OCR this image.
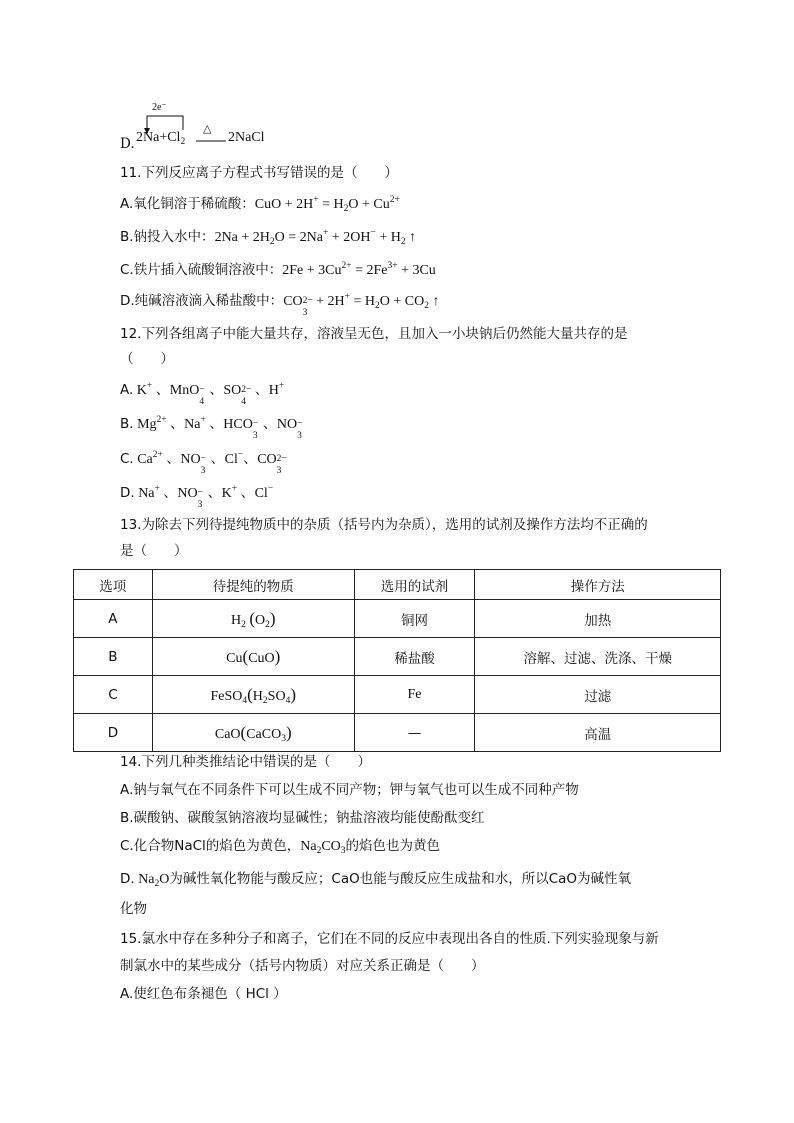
D.
2e⁻
$2Na+Cl_2$
△
2NaCl
11.下列反应离子方程式书写错误的是（　　）
A.氧化铜溶于稀硫酸：CuO + $2H^+ = H_2O + Cu^{2+}$
B.钠投入水中：$2Na + 2H_2O = 2Na^+ + 2OH^- + H_2$ ↑
C.铁片插入硫酸铜溶液中：$2Fe + 3Cu^{2+} = 2Fe^{3+} + 3Cu$
D.纯碱溶液滴入稀盐酸中：CO 2−
3
+ $2H^+ = H_2O + CO_2$ ↑
12.下列各组离子中能大量共存，溶液呈无色，且加入一小块钠后仍然能大量共存的是
（　　）
A. K+ 、MnO −
4
、SO 2−
4
、H+
B. $Mg^{2+}$ 、Na+ 、HCO −
3
、NO −
3
C. $Ca^{2+}$ 、NO −
3
、Cl−、CO 2−
3
D. Na+ 、NO −
3
、K+ 、Cl−
13.为除去下列待提纯物质中的杂质（括号内为杂质），选用的试剂及操作方法均不正确的
是（　　）
选项	待提纯的物质	选用的试剂	操作方法
A	$H_2$ $(O_2)$	铜网	加热
B	Cu(CuO)	稀盐酸	溶解、过滤、洗涤、干燥
C	$FeSO_4(H_2SO_4)$	Fe	过滤
D	CaO(CaCO$_3$)	—	高温
14.下列几种类推结论中错误的是（　　）
A.钠与氧气在不同条件下可以生成不同产物；钾与氧气也可以生成不同种产物
B.碳酸钠、碳酸氢钠溶液均显碱性；钠盐溶液均能使酚酞变红
C.化合物NaCl的焰色为黄色，$Na_2CO_3$的焰色也为黄色
D. $Na_2O$为碱性氧化物能与酸反应；CaO也能与酸反应生成盐和水，所以CaO为碱性氧
化物
15.氯水中存在多种分子和离子，它们在不同的反应中表现出各自的性质.下列实验现象与新
制氯水中的某些成分（括号内物质）对应关系正确是（　　）
A.使红色布条褪色（ HCl ）
